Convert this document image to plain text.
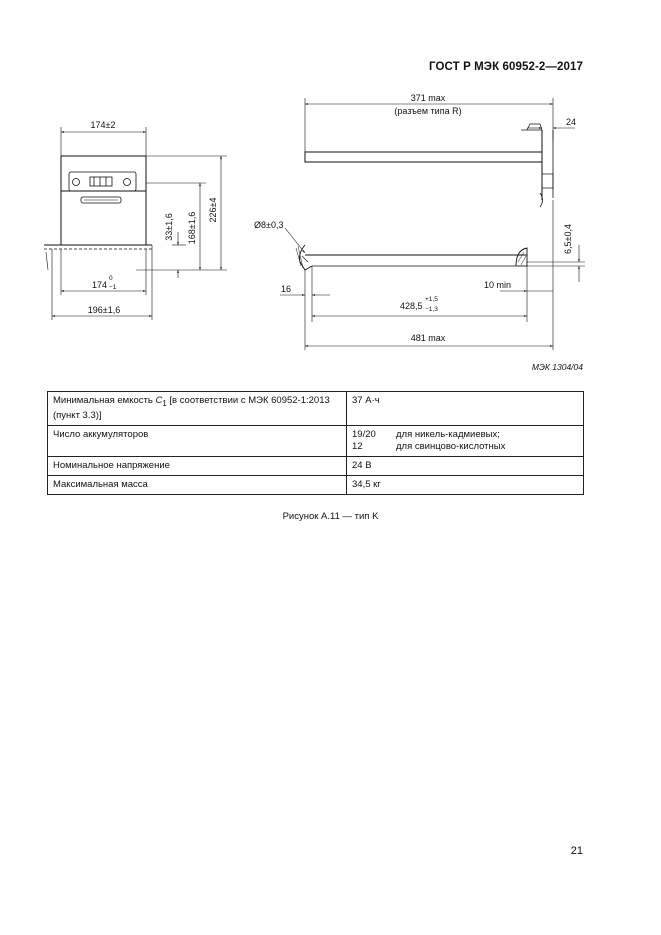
ГОСТ Р МЭК 60952-2—2017
174±2
226±4
168±1,6
33±1,6
174
0
−1
196±1,6
371 max
(разъем типа R)
24
Ø8±0,3	6,5±0,4
16	10 min
428,5
+1,5
−1,3
481 max
МЭК 1304/04
Минимальная емкость $C_1$ [в соответствии с МЭК 60952-1:2013 (пункт 3.3)]	37 А·ч
Число аккумуляторов	19/20 для никель-кадмиевых;
12 для свинцово-кислотных

Номинальное напряжение	24 В
Максимальная масса	34,5 кг
Рисунок А.11 — тип K
21
